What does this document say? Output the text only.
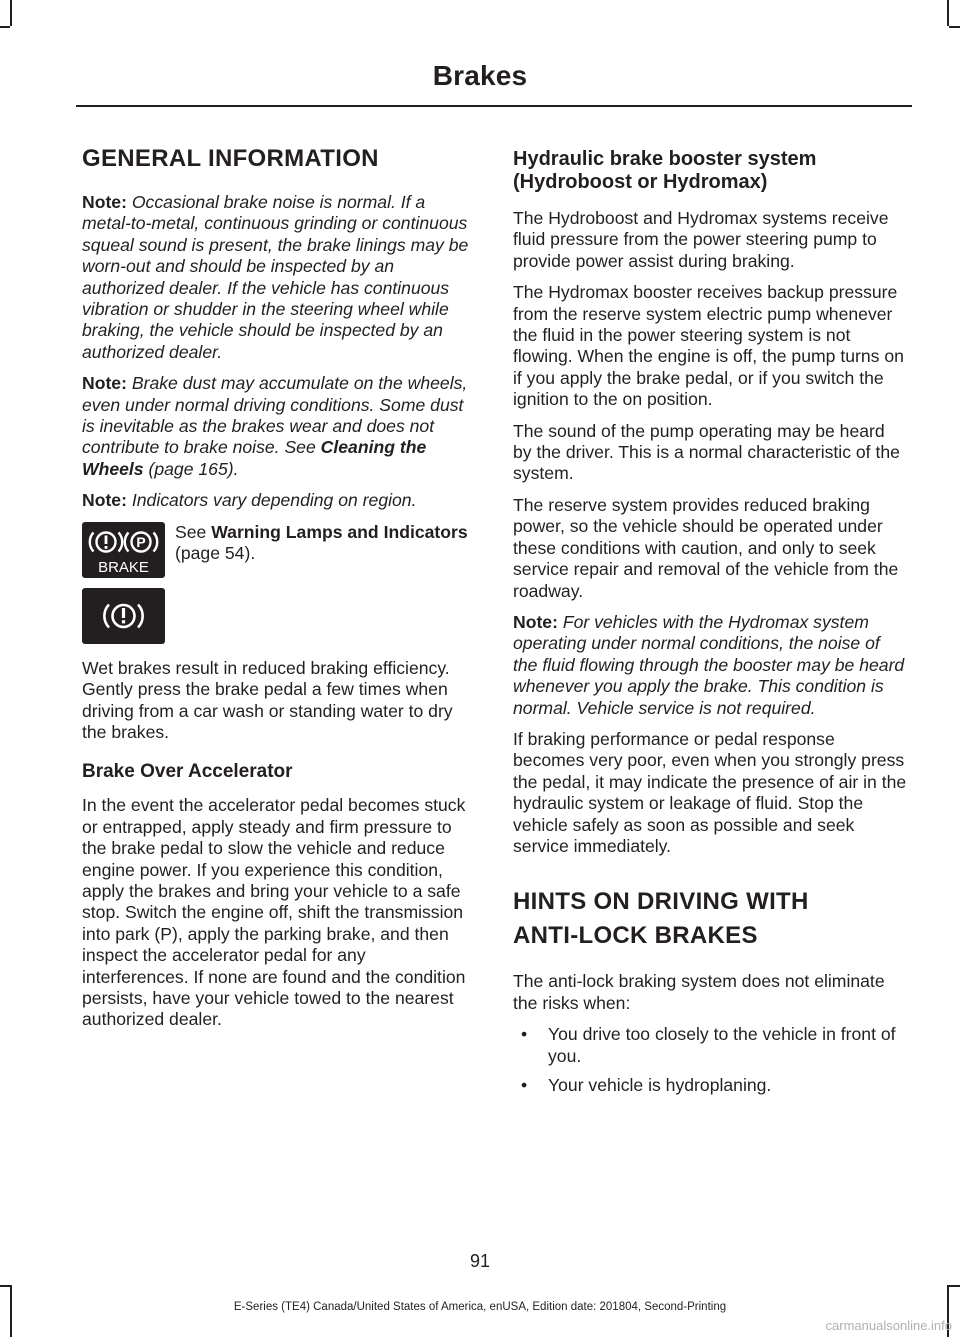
Brakes
GENERAL INFORMATION

Note: Occasional brake noise is normal. If a metal-to-metal, continuous grinding or continuous squeal sound is present, the brake linings may be worn-out and should be inspected by an authorized dealer. If the vehicle has continuous vibration or shudder in the steering wheel while braking, the vehicle should be inspected by an authorized dealer.

Note: Brake dust may accumulate on the wheels, even under normal driving conditions. Some dust is inevitable as the brakes wear and does not contribute to brake noise. See Cleaning the Wheels (page 165).

Note: Indicators vary depending on region.

P
BRAKE
See Warning Lamps and Indicators (page 54).

Wet brakes result in reduced braking efficiency. Gently press the brake pedal a few times when driving from a car wash or standing water to dry the brakes.

Brake Over Accelerator

In the event the accelerator pedal becomes stuck or entrapped, apply steady and firm pressure to the brake pedal to slow the vehicle and reduce engine power. If you experience this condition, apply the brakes and bring your vehicle to a safe stop. Switch the engine off, shift the transmission into park (P), apply the parking brake, and then inspect the accelerator pedal for any interferences. If none are found and the condition persists, have your vehicle towed to the nearest authorized dealer.

Hydraulic brake booster system (Hydroboost or Hydromax)

The Hydroboost and Hydromax systems receive fluid pressure from the power steering pump to provide power assist during braking.

The Hydromax booster receives backup pressure from the reserve system electric pump whenever the fluid in the power steering system is not flowing. When the engine is off, the pump turns on if you apply the brake pedal, or if you switch the ignition to the on position.

The sound of the pump operating may be heard by the driver. This is a normal characteristic of the system.

The reserve system provides reduced braking power, so the vehicle should be operated under these conditions with caution, and only to seek service repair and removal of the vehicle from the roadway.

Note: For vehicles with the Hydromax system operating under normal conditions, the noise of the fluid flowing through the booster may be heard whenever you apply the brake. This condition is normal. Vehicle service is not required.

If braking performance or pedal response becomes very poor, even when you strongly press the pedal, it may indicate the presence of air in the hydraulic system or leakage of fluid. Stop the vehicle safely as soon as possible and seek service immediately.

HINTS ON DRIVING WITH
ANTI-LOCK BRAKES

The anti-lock braking system does not eliminate the risks when:

• You drive too closely to the vehicle in front of you.
• Your vehicle is hydroplaning.
91
E-Series (TE4) Canada/United States of America, enUSA, Edition date: 201804, Second-Printing
carmanualsonline.info
